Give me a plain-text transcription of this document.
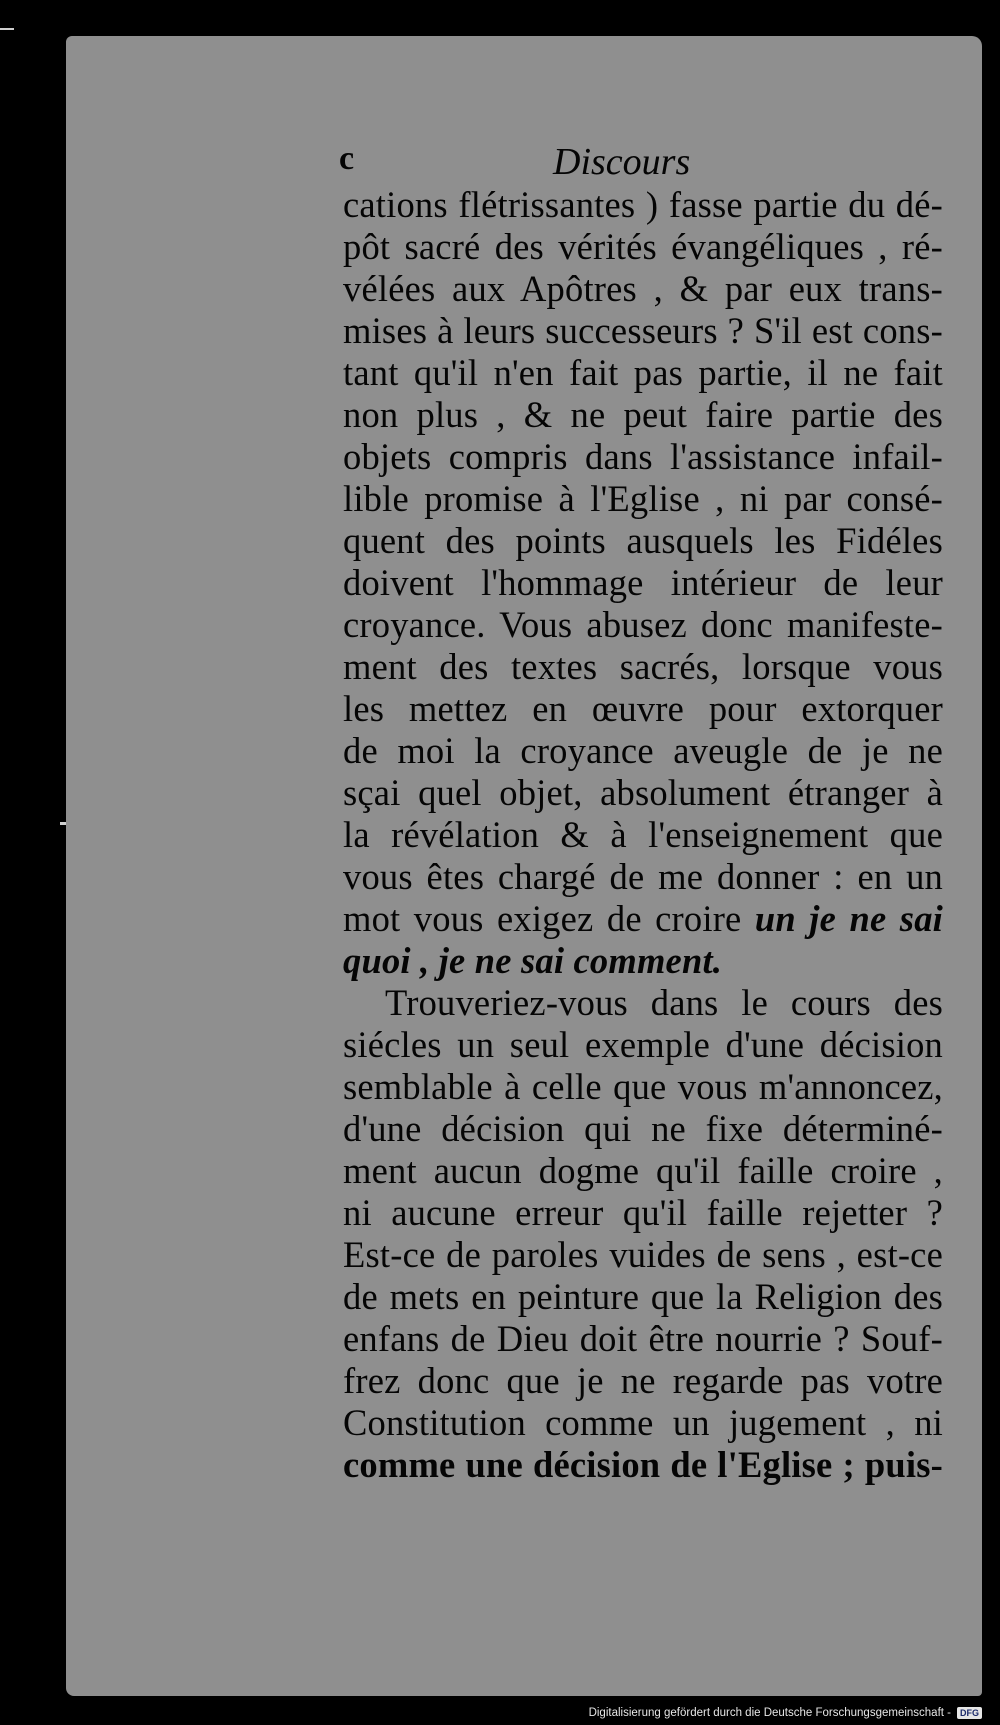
c	Discours
cations flétrissantes ) fasse partie du dé-
pôt sacré des vérités évangéliques , ré-
vélées aux Apôtres , & par eux trans-
mises à leurs successeurs ? S'il est cons-
tant qu'il n'en fait pas partie, il ne fait
non plus , & ne peut faire partie des
objets compris dans l'assistance infail-
lible promise à l'Eglise , ni par consé-
quent des points ausquels les Fidéles
doivent l'hommage intérieur de leur
croyance. Vous abusez donc manifeste-
ment des textes sacrés, lorsque vous
les mettez en œuvre pour extorquer
de moi la croyance aveugle de je ne
sçai quel objet, absolument étranger à
la révélation & à l'enseignement que
vous êtes chargé de me donner : en un
mot vous exigez de croire un je ne sai
quoi , je ne sai comment.
Trouveriez-vous dans le cours des
siécles un seul exemple d'une décision
semblable à celle que vous m'annoncez,
d'une décision qui ne fixe déterminé-
ment aucun dogme qu'il faille croire ,
ni aucune erreur qu'il faille rejetter ?
Est-ce de paroles vuides de sens , est-ce
de mets en peinture que la Religion des
enfans de Dieu doit être nourrie ? Souf-
frez donc que je ne regarde pas votre
Constitution comme un jugement , ni
comme une décision de l'Eglise ; puis-
Digitalisierung gefördert durch die Deutsche Forschungsgemeinschaft -	DFG
